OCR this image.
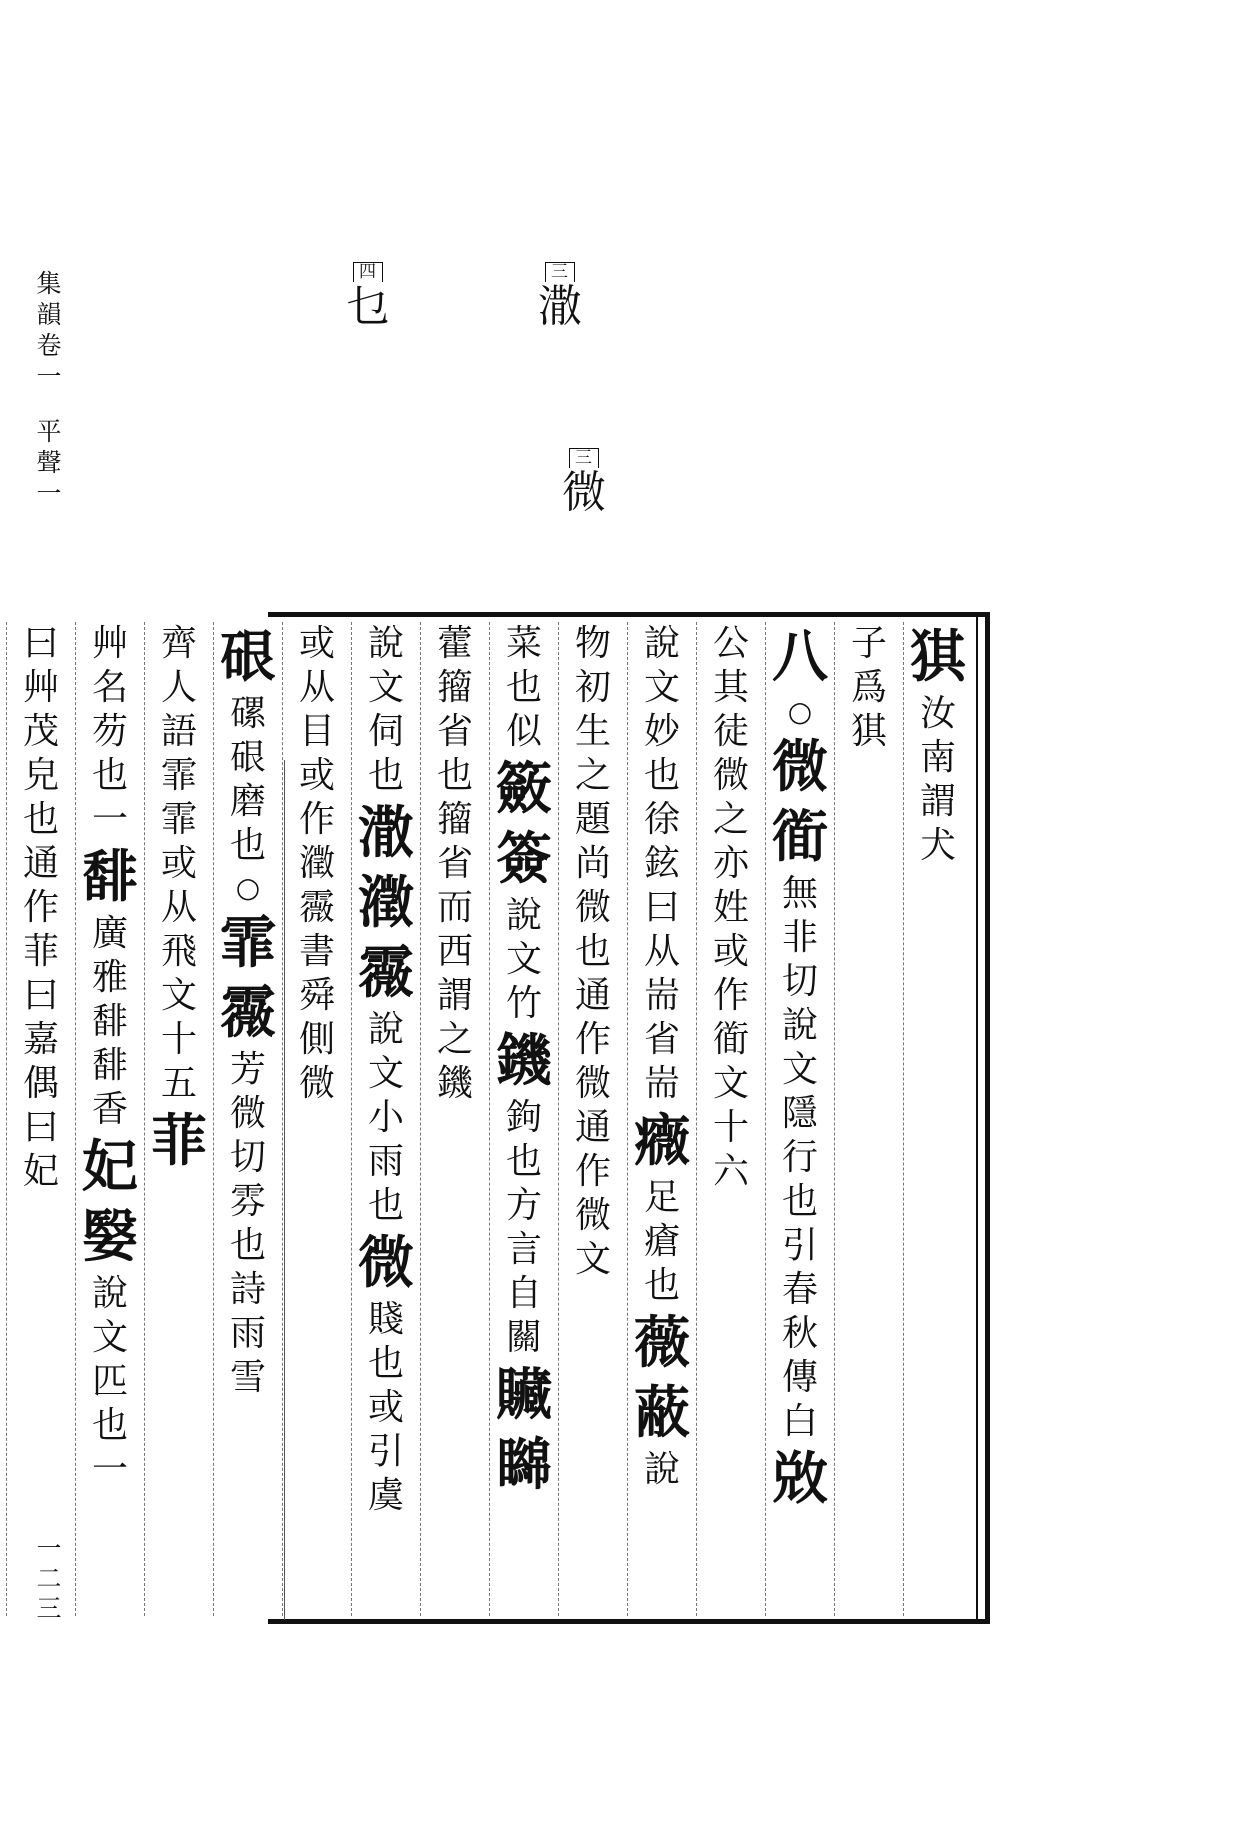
集
韻
卷
一
平
聲
一
一
二
三
三
潵
三
微
四
乜
猉
汝
南
謂
犬
子
爲
猉
八
○
微
衜
無
非
切
說
文
隱
行
也
引
春
秋
傳
白
敚
公
其
徒
微
之
亦
姓
或
作
衜
文
十
六
說
文
妙
也
徐
鉉
曰
从
耑
省
耑
癓
足
瘡
也
薇
蔽
說
物
初
生
之
題
尚
微
也
通
作
微
通
作
微
文
菜
也
似
籢
簽
說
文
竹
鐖
鉤
也
方
言
自
關
贜
矊
藿
籀
省
也
籀
省
而
西
謂
之
鐖
說
文
伺
也
潵
瀓
霺
說
文
小
雨
也
微
賤
也
或
引
虞
或
从
目
或
作
瀓
霺
書
舜
側
微
硍
磥
硍
磨
也
○
霏
霺
芳
微
切
雰
也
詩
雨
雪
齊
人
語
霏
霏
或
从
飛
文
十
五
菲
艸
名
芴
也
一
馡
廣
雅
馡
馡
香
妃
嫛
說
文
匹
也
一
曰
艸
茂
皃
也
通
作
菲
曰
嘉
偶
曰
妃
